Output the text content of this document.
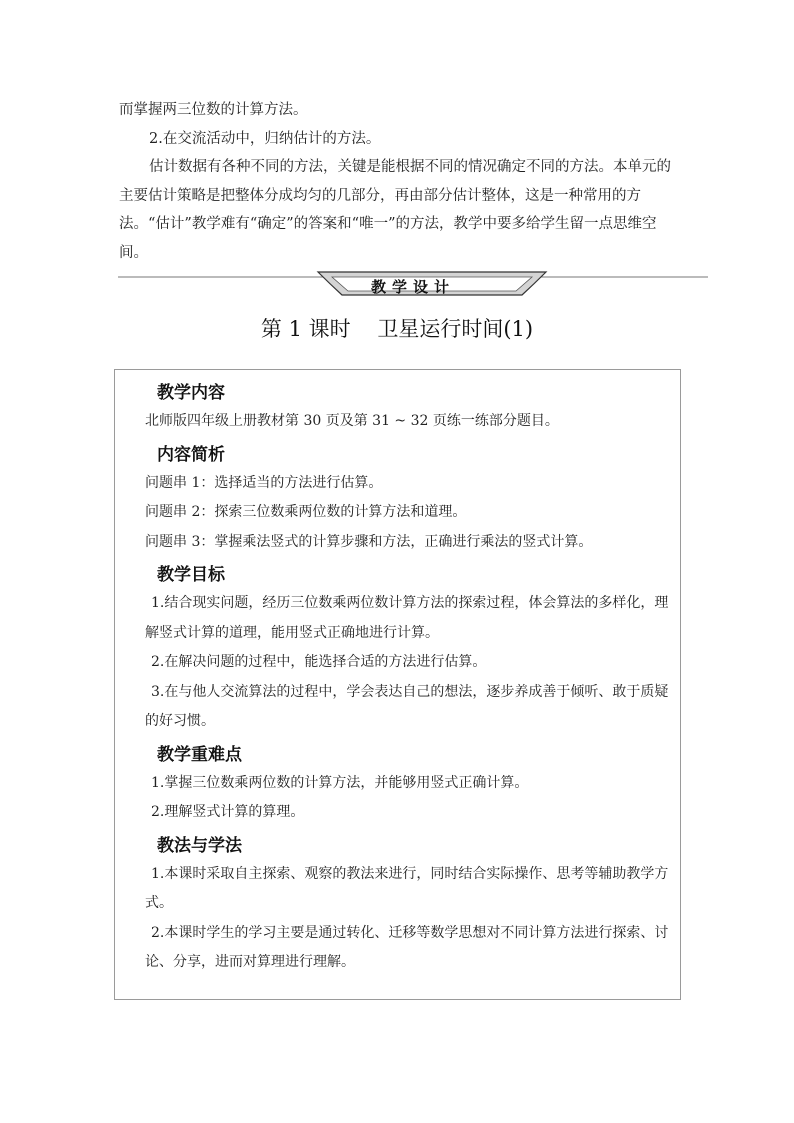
而掌握两三位数的计算方法。

2.在交流活动中，归纳估计的方法。

估计数据有各种不同的方法，关键是能根据不同的情况确定不同的方法。本单元的主要估计策略是把整体分成均匀的几部分，再由部分估计整体，这是一种常用的方法。“估计”教学难有“确定”的答案和“唯一”的方法，教学中要多给学生留一点思维空间。

教学设计
第 1 课时    卫星运行时间(1)
教学内容

北师版四年级上册教材第 30 页及第 31 ~ 32 页练一练部分题目。

内容简析

问题串 1：选择适当的方法进行估算。

问题串 2：探索三位数乘两位数的计算方法和道理。

问题串 3：掌握乘法竖式的计算步骤和方法，正确进行乘法的竖式计算。

教学目标

1.结合现实问题，经历三位数乘两位数计算方法的探索过程，体会算法的多样化，理解竖式计算的道理，能用竖式正确地进行计算。

2.在解决问题的过程中，能选择合适的方法进行估算。

3.在与他人交流算法的过程中，学会表达自己的想法，逐步养成善于倾听、敢于质疑的好习惯。

教学重难点

1.掌握三位数乘两位数的计算方法，并能够用竖式正确计算。

2.理解竖式计算的算理。

教法与学法

1.本课时采取自主探索、观察的教法来进行，同时结合实际操作、思考等辅助教学方式。

2.本课时学生的学习主要是通过转化、迁移等数学思想对不同计算方法进行探索、讨论、分享，进而对算理进行理解。
